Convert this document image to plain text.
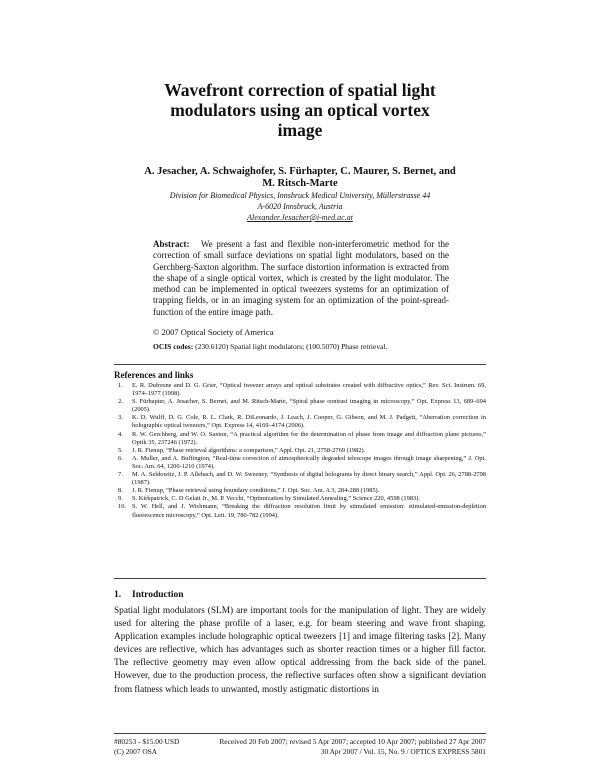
Wavefront correction of spatial light
modulators using an optical vortex
image
A. Jesacher, A. Schwaighofer, S. Fürhapter, C. Maurer, S. Bernet, and
M. Ritsch-Marte
Division for Biomedical Physics, Innsbruck Medical University, Müllerstrasse 44
A-6020 Innsbruck, Austria
Alexander.Jesacher@i-med.ac.at
Abstract: We present a fast and flexible non-interferometric method for the correction of small surface deviations on spatial light modulators, based on the Gerchberg-Saxton algorithm. The surface distortion information is extracted from the shape of a single optical vortex, which is created by the light modulator. The method can be implemented in optical tweezers systems for an optimization of trapping fields, or in an imaging system for an optimization of the point-spread-function of the entire image path.
© 2007 Optical Society of America
OCIS codes: (230.6120) Spatial light modulators; (100.5070) Phase retrieval.
References and links
1. E. R. Dufresne and D. G. Grier, “Optical tweezer arrays and optical substrates created with diffractive optics,” Rev. Sci. Instrum. 69, 1974–1977 (1998).
2. S. Fürhapter, A. Jesacher, S. Bernet, and M. Ritsch-Marte, “Spiral phase contrast imaging in microscopy,” Opt. Express 13, 689–694 (2005).
3. K. D. Wulff, D. G. Cole, R. L. Clark, R. DiLeonardo, J. Leach, J. Cooper, G. Gibson, and M. J. Padgett, “Aberration correction in holographic optical tweezers,” Opt. Express 14, 4169–4174 (2006).
4. R. W. Gerchberg, and W. O. Saxton, “A practical algorithm for the determination of phase from image and diffraction plane pictures,” Optik 35, 237246 (1972).
5. J. R. Fienup, “Phase retrieval algorithms: a comparison,” Appl. Opt. 21, 2758-2769 (1982).
6. A. Muller, and A. Buffington, “Real-time correction of atmospherically degraded telescope images through image sharpening,” J. Opt. Soc. Am. 64, 1200-1210 (1974).
7. M. A. Seldowitz, J. P. Allebach, and D. W. Sweeney, “Synthesis of digital holograms by direct binary search,” Appl. Opt. 26, 2788-2798 (1987).
8. J. R. Fienup, “Phase retrieval using boundary conditions,” J. Opt. Soc. Am. A 3, 284-288 (1985).
9. S. Kirkpatrick, C. D Gelatt Jr., M. P. Vecchi, “Optimization by Simulated Annealing,” Science 220, 4598 (1983).
10. S. W. Hell, and J. Wichmann, “Breaking the diffraction resolution limit by stimulated emission: stimulated-emission-depletion fluorescence microscopy,” Opt. Lett. 19, 780-782 (1994).
1. Introduction
Spatial light modulators (SLM) are important tools for the manipulation of light. They are widely used for altering the phase profile of a laser, e.g. for beam steering and wave front shaping. Application examples include holographic optical tweezers [1] and image filtering tasks [2]. Many devices are reflective, which has advantages such as shorter reaction times or a higher fill factor. The reflective geometry may even allow optical addressing from the back side of the panel. However, due to the production process, the reflective surfaces often show a significant deviation from flatness which leads to unwanted, mostly astigmatic distortions in
#80253 - $15.00 USD	Received 20 Feb 2007; revised 5 Apr 2007; accepted 10 Apr 2007; published 27 Apr 2007
(C) 2007 OSA	30 Apr 2007 / Vol. 15, No. 9 / OPTICS EXPRESS 5801
